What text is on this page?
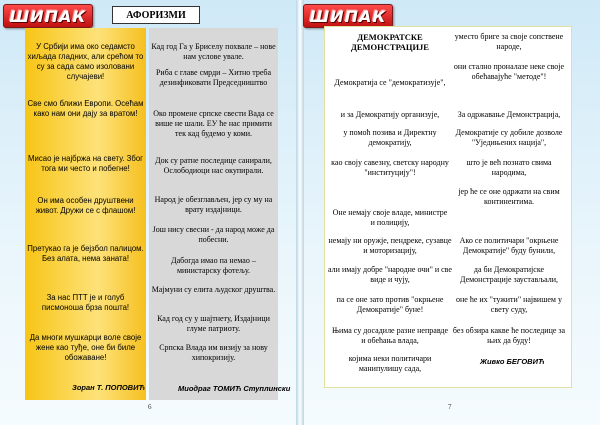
ШИПАК	АФОРИЗМИ
У Србији има око седамсто хиљада гладних, али срећом то су за сада само изоловани случајеви!
Све смо ближи Европи. Осећам како нам они дају за вратом!
Мисао је најбржа на свету. Због тога ми често и побегне!
Он има особен друштвени живот. Дружи се с флашом!
Претукао га је бејзбол палицом. Без алата, нема заната!
За нас ПТТ је и голуб писмоноша брза пошта!
Да многи мушкарци воле своје жене као туђе, оне би биле обожаване!
Зоран Т. ПОПОВИЋ
Кад год Га у Бриселу похвале – нове нам услове увале.
Риба с главе смрди – Хитно треба дезинфиковати Председништво
Око промене српске свести Вада се више не шали. ЕУ ће нас примити тек кад будемо у коми.
Док су ратне последице санирали, Ослободиоци нас окупирали.
Народ је обезглављен, јер су му на врату издајници.
Још нису свесни - да народ може да побесни.
Дабогда имао па немао – министарску фотељу.
Мајмуни су елита људског друштва.
Кад год су у шајтнету, Издајници глуме патриоту.
Српска Влада им визију за нову хипокризију.
Миодраг ТОМИЋ Ступлински
6
ШИПАК
ДЕМОКРАТСКЕ ДЕМОНСТРАЦИЈЕ
Демократија се "демократизује",
и за Демократију организује,
у помоћ позива и Директну демократију,
као своју савезну, светску народну "институцију"!
Оне немају своје владе, министре и полицију,
немају ни оружје, пендреке, сузавце и моторизацију,
али имају добре "народне очи" и све виде и чују,
па се оне зато против "окрњене Демократије" буне!
Њима су досадиле разне неправде и обећања влада,
којима неки политичари манипулишу сада,
уместо бриге за своје сопствене народе,
они стално проналазе неке своје обећавајуће "методе"!
За одржавање Демонстрација,
Демократије су добиле дозволе "Уједињених нација",
што је већ познато свима народима,
јер ће се оне одржати на свим континентима.
Ако се политичари "окрњене Демократије" буду бунили,
да би Демократијске Демонстрације заустављали,
оне ће их "тужити" највишем у свету суду,
без обзира какве ће последице за њих да буду!
Живко БЕГОВИЋ
7
